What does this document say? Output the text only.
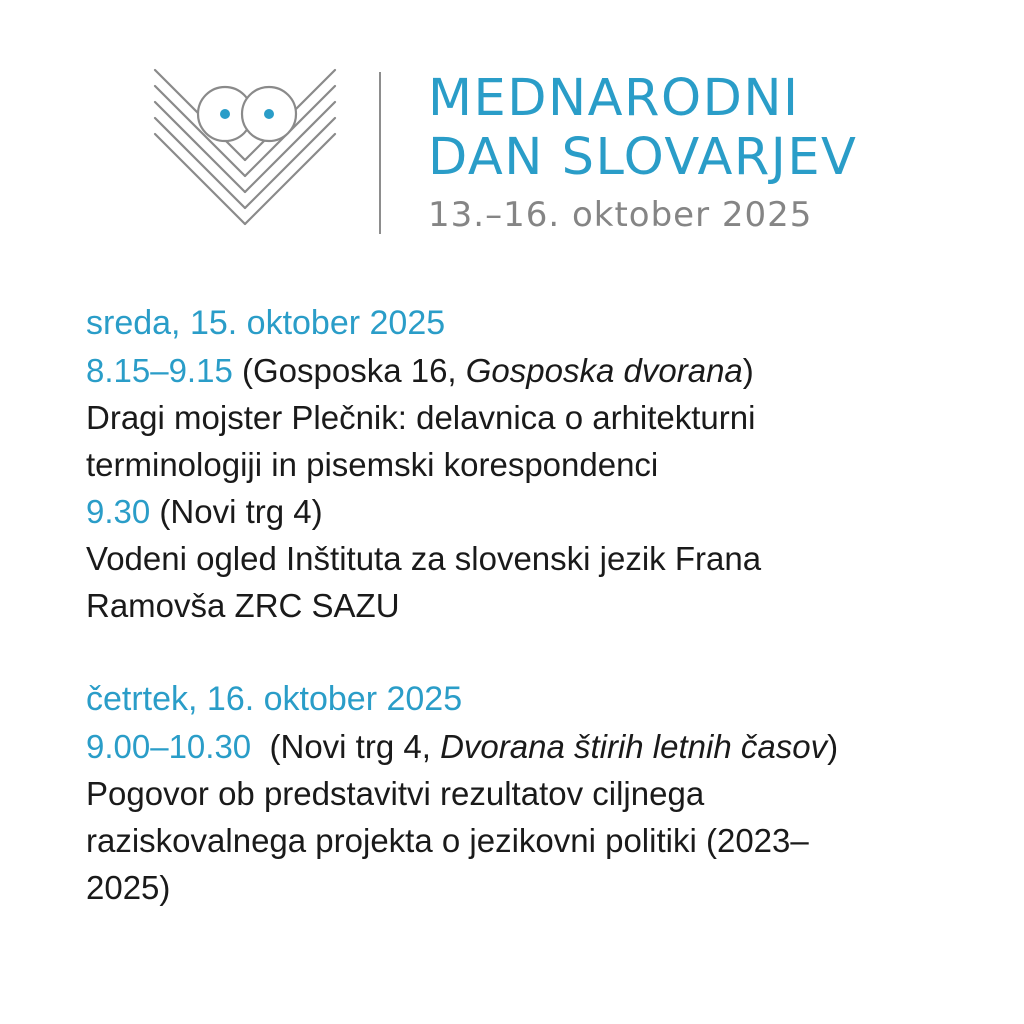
MEDNARODNI
DAN SLOVARJEV
13.–16. oktober 2025
sreda, 15. oktober 2025
8.15–9.15 (Gosposka 16, Gosposka dvorana)
Dragi mojster Plečnik: delavnica o arhitekturni
terminologiji in pisemski korespondenci
9.30 (Novi trg 4)
Vodeni ogled Inštituta za slovenski jezik Frana
Ramovša ZRC SAZU
četrtek, 16. oktober 2025
9.00–10.30  (Novi trg 4, Dvorana štirih letnih časov)
Pogovor ob predstavitvi rezultatov ciljnega
raziskovalnega projekta o jezikovni politiki (2023–
2025)
